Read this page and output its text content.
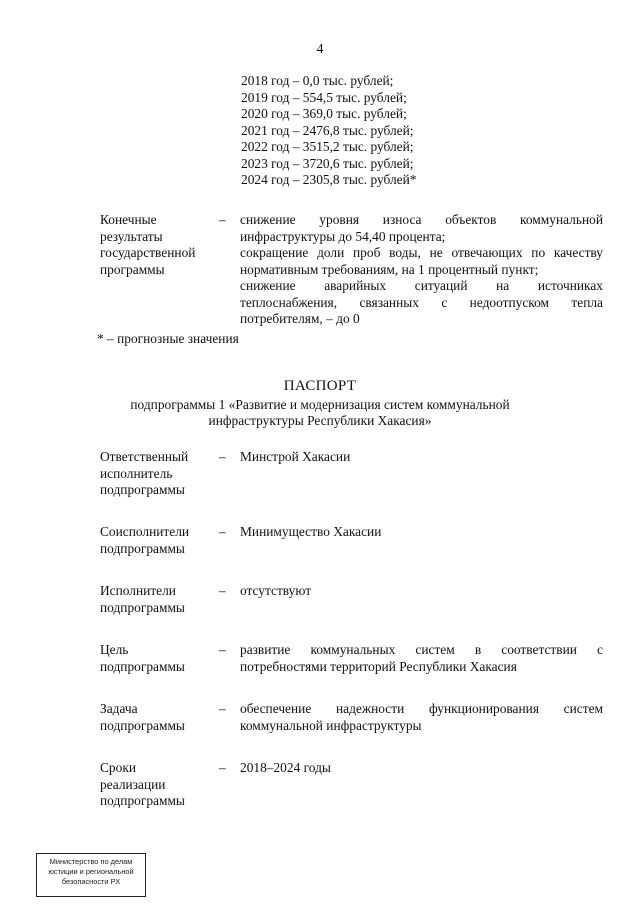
4
2018 год – 0,0 тыс. рублей;
2019 год – 554,5 тыс. рублей;
2020 год – 369,0 тыс. рублей;
2021 год – 2476,8 тыс. рублей;
2022 год – 3515,2 тыс. рублей;
2023 год – 3720,6 тыс. рублей;
2024 год – 2305,8 тыс. рублей*
Конечные
результаты
государственной
программы
– снижение уровня износа объектов коммунальной
инфраструктуры до 54,40 процента;
сокращение доли проб воды, не отвечающих по качеству
нормативным требованиям, на 1 процентный пункт;
снижение аварийных ситуаций на источниках
теплоснабжения, связанных с недоотпуском тепла
потребителям, – до 0
* – прогнозные значения
ПАСПОРТ
подпрограммы 1 «Развитие и модернизация систем коммунальной
инфраструктуры Республики Хакасия»
Ответственный
исполнитель
подпрограммы
– Минстрой Хакасии
Соисполнители
подпрограммы
– Минимущество Хакасии
Исполнители
подпрограммы
– отсутствуют
Цель
подпрограммы
– развитие коммунальных систем в соответствии с
потребностями территорий Республики Хакасия
Задача
подпрограммы
– обеспечение надежности функционирования систем
коммунальной инфраструктуры
Сроки
реализации
подпрограммы
– 2018–2024 годы
Министерство по делам
юстиции и региональной
безопасности РХ
